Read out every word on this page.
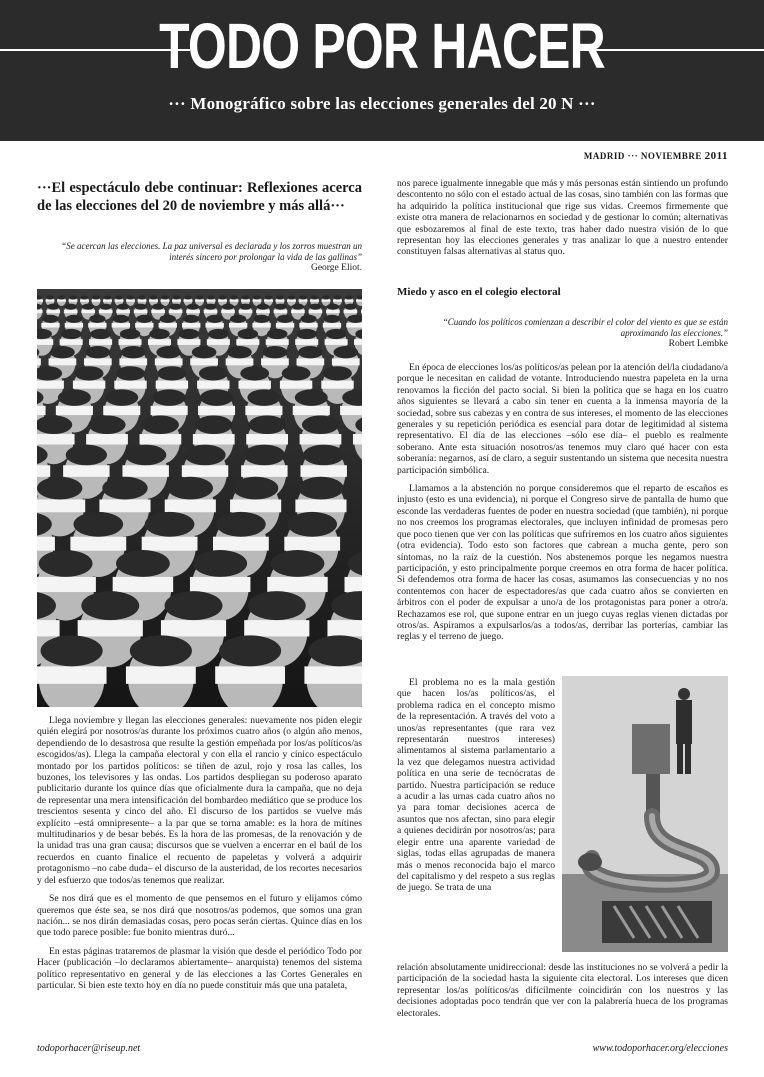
TODO POR HACER
··· Monográfico sobre las elecciones generales del 20 N ···
MADRID ··· NOVIEMBRE 2011
···El espectáculo debe continuar: Reflexiones acerca de las elecciones del 20 de noviembre y más allá···
“Se acercan las elecciones. La paz universal es declarada y los zorros muestran un interés sincero por prolongar la vida de las gallinas”
George Eliot.

Llega noviembre y llegan las elecciones generales: nuevamente nos piden elegir quién elegirá por nosotros/as durante los próximos cuatro años (o algún año menos, dependiendo de lo desastrosa que resulte la gestión empeñada por los/as políticos/as escogidos/as). Llega la campaña electoral y con ella el rancio y cínico espectáculo montado por los partidos políticos: se tiñen de azul, rojo y rosa las calles, los buzones, los televisores y las ondas. Los partidos despliegan su poderoso aparato publicitario durante los quince días que oficialmente dura la campaña, que no deja de representar una mera intensificación del bombardeo mediático que se produce los trescientos sesenta y cinco del año. El discurso de los partidos se vuelve más explícito –está omnipresente– a la par que se torna amable: es la hora de mítines multitudinarios y de besar bebés. Es la hora de las promesas, de la renovación y de la unidad tras una gran causa; discursos que se vuelven a encerrar en el baúl de los recuerdos en cuanto finalice el recuento de papeletas y volverá a adquirir protagonismo –no cabe duda– el discurso de la austeridad, de los recortes necesarios y del esfuerzo que todos/as tenemos que realizar.

Se nos dirá que es el momento de que pensemos en el futuro y elijamos cómo queremos que éste sea, se nos dirá que nosotros/as podemos, que somos una gran nación... se nos dirán demasiadas cosas, pero pocas serán ciertas. Quince días en los que todo parece posible: fue bonito mientras duró...

En estas páginas trataremos de plasmar la visión que desde el periódico Todo por Hacer (publicación –lo declaramos abiertamente– anarquista) tenemos del sistema político representativo en general y de las elecciones a las Cortes Generales en particular. Si bien este texto hoy en día no puede constituir más que una pataleta,

nos parece igualmente innegable que más y más personas están sintiendo un profundo descontento no sólo con el estado actual de las cosas, sino también con las formas que ha adquirido la política institucional que rige sus vidas. Creemos firmemente que existe otra manera de relacionarnos en sociedad y de gestionar lo común; alternativas que esbozaremos al final de este texto, tras haber dado nuestra visión de lo que representan hoy las elecciones generales y tras analizar lo que a nuestro entender constituyen falsas alternativas al status quo.

Miedo y asco en el colegio electoral
“Cuando los políticos comienzan a describir el color del viento es que se están aproximando las elecciones.”
Robert Lembke

En época de elecciones los/as políticos/as pelean por la atención del/la ciudadano/a porque le necesitan en calidad de votante. Introduciendo nuestra papeleta en la urna renovamos la ficción del pacto social. Si bien la política que se haga en los cuatro años siguientes se llevará a cabo sin tener en cuenta a la inmensa mayoría de la sociedad, sobre sus cabezas y en contra de sus intereses, el momento de las elecciones generales y su repetición periódica es esencial para dotar de legitimidad al sistema representativo. El día de las elecciones –sólo ese día– el pueblo es realmente soberano. Ante esta situación nosotros/as tenemos muy claro qué hacer con esta soberanía: negarnos, así de claro, a seguir sustentando un sistema que necesita nuestra participación simbólica.

Llamamos a la abstención no porque consideremos que el reparto de escaños es injusto (esto es una evidencia), ni porque el Congreso sirve de pantalla de humo que esconde las verdaderas fuentes de poder en nuestra sociedad (que también), ni porque no nos creemos los programas electorales, que incluyen infinidad de promesas pero que poco tienen que ver con las políticas que sufriremos en los cuatro años siguientes (otra evidencia). Todo esto son factores que cabrean a mucha gente, pero son síntomas, no la raíz de la cuestión. Nos abstenemos porque les negamos nuestra participación, y esto principalmente porque creemos en otra forma de hacer política. Si defendemos otra forma de hacer las cosas, asumamos las consecuencias y no nos contentemos con hacer de espectadores/as que cada cuatro años se convierten en árbitros con el poder de expulsar a uno/a de los protagonistas para poner a otro/a. Rechazamos ese rol, que supone entrar en un juego cuyas reglas vienen dictadas por otros/as. Aspiramos a expulsarlos/as a todos/as, derribar las porterías, cambiar las reglas y el terreno de juego.

El problema no es la mala gestión que hacen los/as políticos/as, el problema radica en el concepto mismo de la representación. A través del voto a unos/as representantes (que rara vez representarán nuestros intereses) alimentamos al sistema parlamentario a la vez que delegamos nuestra actividad política en una serie de tecnócratas de partido. Nuestra participación se reduce a acudir a las urnas cada cuatro años no ya para tomar decisiones acerca de asuntos que nos afectan, sino para elegir a quienes decidirán por nosotros/as; para elegir entre una aparente variedad de siglas, todas ellas agrupadas de manera más o menos reconocida bajo el marco del capitalismo y del respeto a sus reglas de juego. Se trata de una

relación absolutamente unidireccional: desde las instituciones no se volverá a pedir la participación de la sociedad hasta la siguiente cita electoral. Los intereses que dicen representar los/as políticos/as difícilmente coincidirán con los nuestros y las decisiones adoptadas poco tendrán que ver con la palabrería hueca de los programas electorales.

todoporhacer@riseup.net	www.todoporhacer.org/elecciones
